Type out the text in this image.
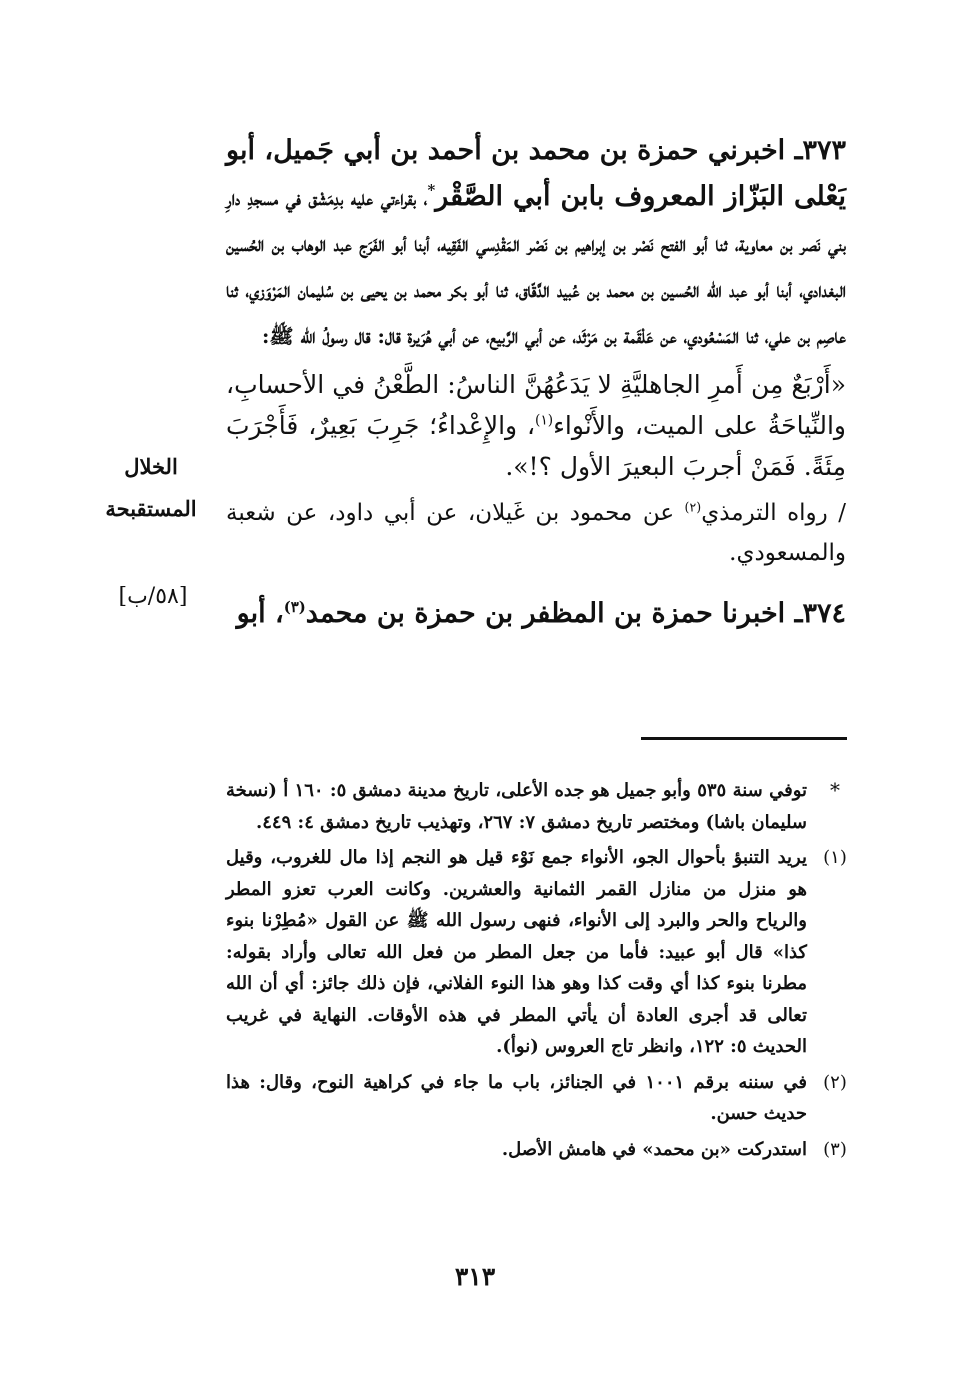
٣٧٣ـ اخبرني حمزة بن محمد بن أحمد بن أبي جَميل، أبو يَعْلى البَزّاز المعروف بابن أبي الصَّقْر*، بقراءتي عليه بدِمَشْق في مسجدِ دارِ بني نَصر بن معاوية، ثنا أبو الفتح نَصْر بن إبراهيم بن نَصْر المَقْدِسي الفَقِيه، أبنا أبو الفَرَج عبد الوهاب بن الحُسين البغدادي، أبنا أبو عبد الله الحُسين بن محمد بن عُبيد الدَّقّاق، ثنا أبو بكر محمد بن يحيى بن سُليمان المَرْوَزي، ثنا عاصِم بن علي، ثنا المَسْعُودي، عن عَلْقَمة بن مَرْثَد، عن أبي الرَّبيع، عن أبي هُرَيرة قال: قال رسولُ الله ﷺ:

«أَرْبَعٌ مِن أَمرِ الجاهليَّةِ لا يَدَعُهُنَّ الناسُ: الطَّعْنُ في الأحسابِ، والنِّياحَةُ على الميت، والأَنْواء$^{(١)}$، والإِعْداءُ؛ جَرِبَ بَعِيرٌ، فَأَجْرَبَ مِئَةً. فَمَنْ أجربَ البعيرَ الأول ؟!».

/ رواه الترمذي$^{(٢)}$ عن محمود بن غَيلان، عن أبي داود، عن شعبة والمسعودي.

٣٧٤ـ اخبرنا حمزة بن المظفر بن حمزة بن محمد$^{(٣)}$، أبو

الخلال
المستقبحة
[٥٨/ب]
*
توفي سنة ٥٣٥ وأبو جميل هو جده الأعلى، تاريخ مدينة دمشق ٥: ١٦٠ أ (نسخة سليمان باشا) ومختصر تاريخ دمشق ٧: ٢٦٧، وتهذيب تاريخ دمشق ٤: ٤٤٩.
(١)
يريد التنبؤ بأحوال الجو، الأنواء جمع نَوْء قيل هو النجم إذا مال للغروب، وقيل هو منزل من منازل القمر الثمانية والعشرين. وكانت العرب تعزو المطر والرياح والحر والبرد إلى الأنواء، فنهى رسول الله ﷺ عن القول «مُطِرْنا بنوء كذا» قال أبو عبيد: فأما من جعل المطر من فعل الله تعالى وأراد بقوله: مطرنا بنوء كذا أي وقت كذا وهو هذا النوء الفلاني، فإن ذلك جائز: أي أن الله تعالى قد أجرى العادة أن يأتي المطر في هذه الأوقات. النهاية في غريب الحديث ٥: ١٢٢، وانظر تاج العروس (نوأ).
(٢)
في سننه برقم ١٠٠١ في الجنائز، باب ما جاء في كراهية النوح، وقال: هذا حديث حسن.
(٣)
استدركت «بن محمد» في هامش الأصل.
٣١٣
